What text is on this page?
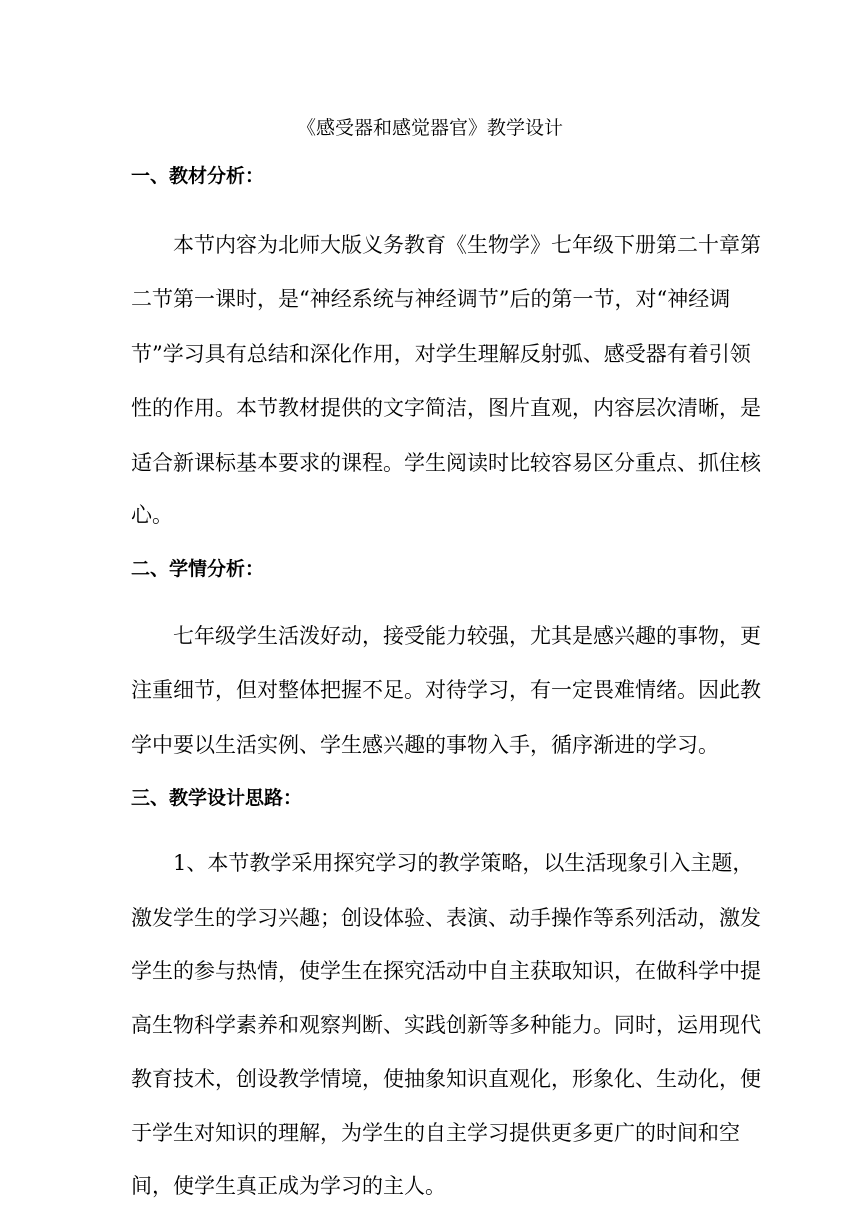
《感受器和感觉器官》教学设计
一、教材分析：
本节内容为北师大版义务教育《生物学》七年级下册第二十章第
二节第一课时，是“神经系统与神经调节”后的第一节，对“神经调
节”学习具有总结和深化作用，对学生理解反射弧、感受器有着引领
性的作用。本节教材提供的文字简洁，图片直观，内容层次清晰，是
适合新课标基本要求的课程。学生阅读时比较容易区分重点、抓住核
心。
二、学情分析：
七年级学生活泼好动，接受能力较强，尤其是感兴趣的事物，更
注重细节，但对整体把握不足。对待学习，有一定畏难情绪。因此教
学中要以生活实例、学生感兴趣的事物入手，循序渐进的学习。
三、教学设计思路：
1、本节教学采用探究学习的教学策略，以生活现象引入主题，
激发学生的学习兴趣；创设体验、表演、动手操作等系列活动，激发
学生的参与热情，使学生在探究活动中自主获取知识，在做科学中提
高生物科学素养和观察判断、实践创新等多种能力。同时，运用现代
教育技术，创设教学情境，使抽象知识直观化，形象化、生动化，便
于学生对知识的理解，为学生的自主学习提供更多更广的时间和空
间，使学生真正成为学习的主人。
